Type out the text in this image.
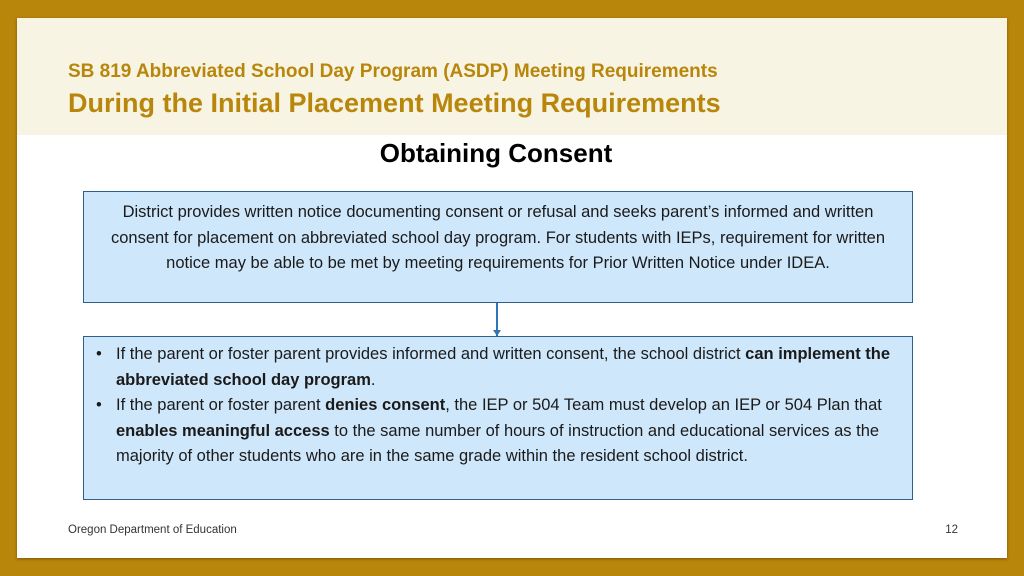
SB 819 Abbreviated School Day Program (ASDP) Meeting Requirements
During the Initial Placement Meeting Requirements
Obtaining Consent
District provides written notice documenting consent or refusal and seeks parent’s informed and written consent for placement on abbreviated school day program. For students with IEPs, requirement for written notice may be able to be met by meeting requirements for Prior Written Notice under IDEA.
• If the parent or foster parent provides informed and written consent, the school district can implement the abbreviated school day program.
• If the parent or foster parent denies consent, the IEP or 504 Team must develop an IEP or 504 Plan that enables meaningful access to the same number of hours of instruction and educational services as the majority of other students who are in the same grade within the resident school district.
Oregon Department of Education	12
